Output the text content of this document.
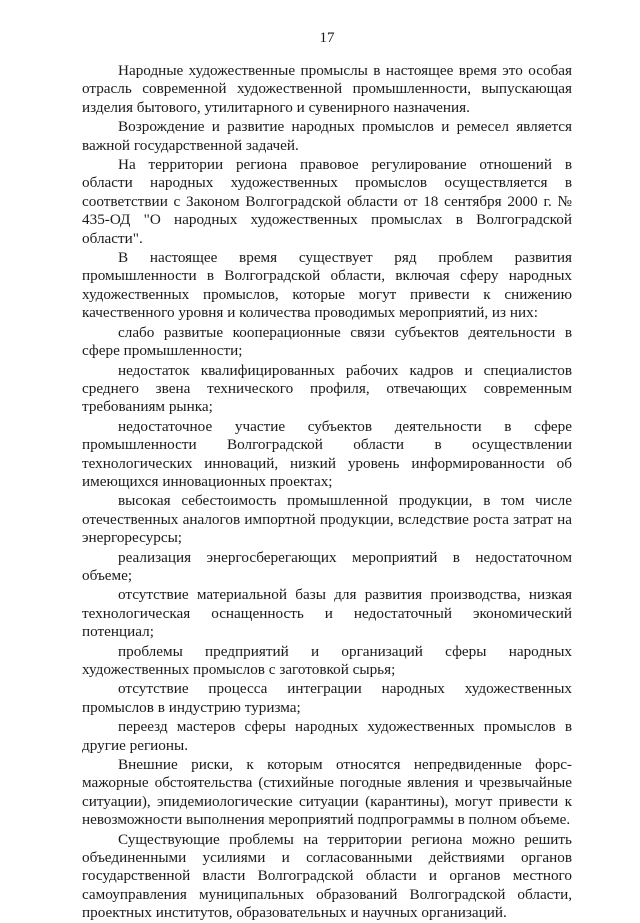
17

Народные художественные промыслы в настоящее время это особая отрасль современной художественной промышленности, выпускающая изделия бытового, утилитарного и сувенирного назначения.

Возрождение и развитие народных промыслов и ремесел является важной государственной задачей.

На территории региона правовое регулирование отношений в области народных художественных промыслов осуществляется в соответствии с Законом Волгоградской области от 18 сентября 2000 г. № 435-ОД "О народных художественных промыслах в Волгоградской области".

В настоящее время существует ряд проблем развития промышленности в Волгоградской области, включая сферу народных художественных промыслов, которые могут привести к снижению качественного уровня и количества проводимых мероприятий, из них:

слабо развитые кооперационные связи субъектов деятельности в сфере промышленности;

недостаток квалифицированных рабочих кадров и специалистов среднего звена технического профиля, отвечающих современным требованиям рынка;

недостаточное участие субъектов деятельности в сфере промышленности Волгоградской области в осуществлении технологических инноваций, низкий уровень информированности об имеющихся инновационных проектах;

высокая себестоимость промышленной продукции, в том числе отечественных аналогов импортной продукции, вследствие роста затрат на энергоресурсы;

реализация энергосберегающих мероприятий в недостаточном объеме;

отсутствие материальной базы для развития производства, низкая технологическая оснащенность и недостаточный экономический потенциал;

проблемы предприятий и организаций сферы народных художественных промыслов с заготовкой сырья;

отсутствие процесса интеграции народных художественных промыслов в индустрию туризма;

переезд мастеров сферы народных художественных промыслов в другие регионы.

Внешние риски, к которым относятся непредвиденные форс-мажорные обстоятельства (стихийные погодные явления и чрезвычайные ситуации), эпидемиологические ситуации (карантины), могут привести к невозможности выполнения мероприятий подпрограммы в полном объеме.

Существующие проблемы на территории региона можно решить объединенными усилиями и согласованными действиями органов государственной власти Волгоградской области и органов местного самоуправления муниципальных образований Волгоградской области, проектных институтов, образовательных и научных организаций.
